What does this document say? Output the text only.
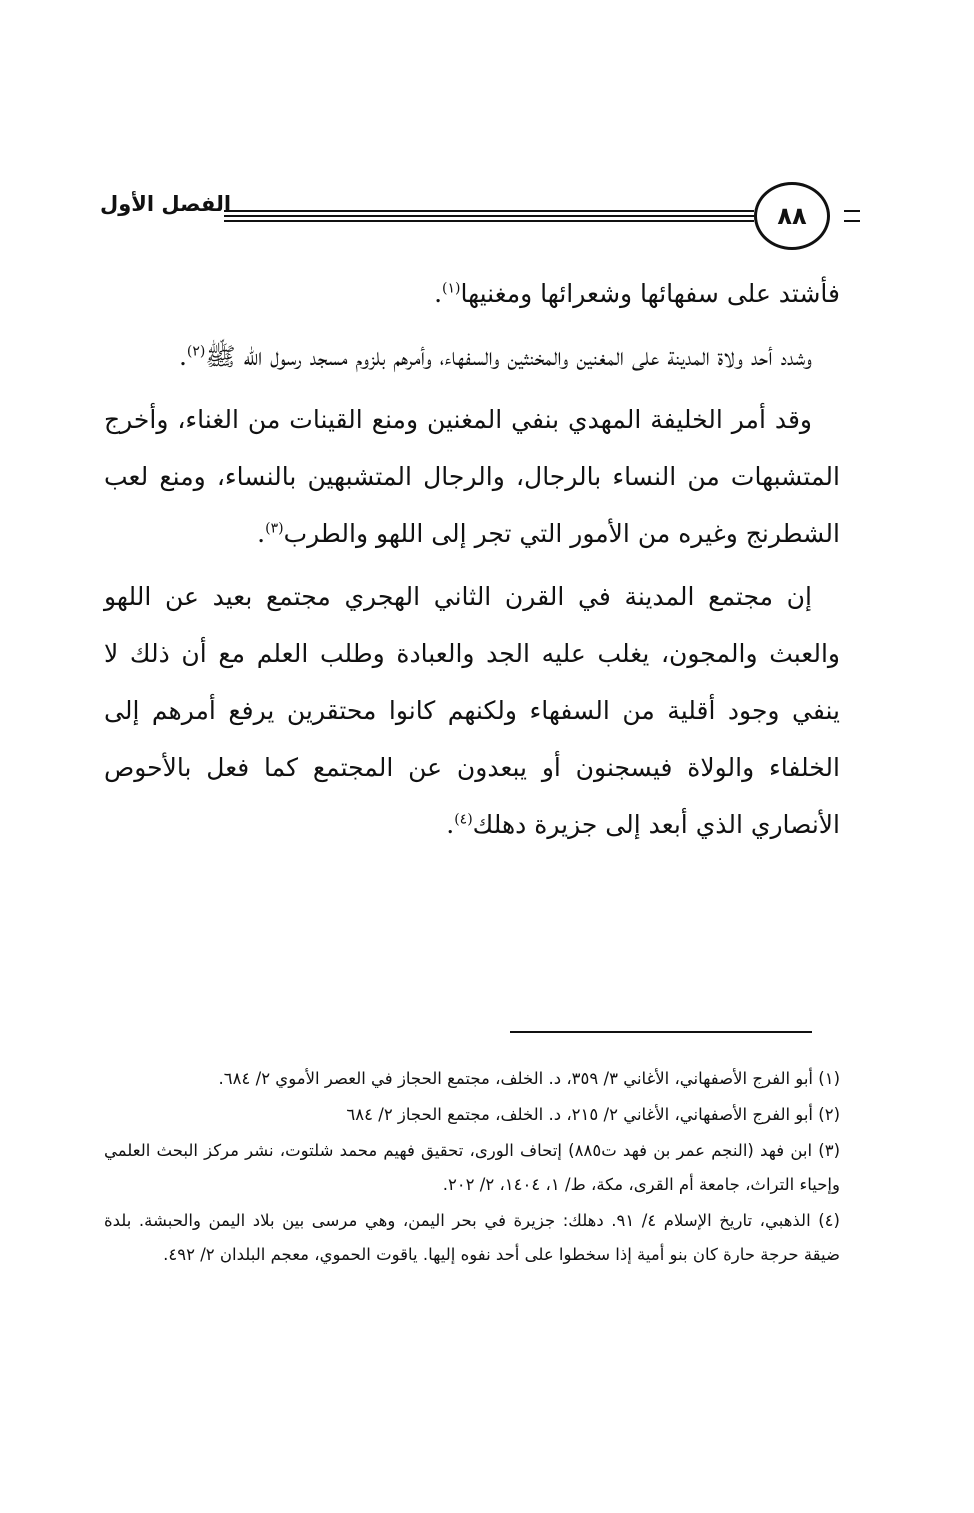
الفصل الأول	٨٨

فأشتد على سفهائها وشعرائها ومغنيها$^{(١)}$.

وشدد أحد ولاة المدينة على المغنين والمخنثين والسفهاء، وأمرهم بلزوم مسجد رسول الله ﷺ$^{(٢)}$.

وقد أمر الخليفة المهدي بنفي المغنين ومنع القينات من الغناء، وأخرج المتشبهات من النساء بالرجال، والرجال المتشبهين بالنساء، ومنع لعب الشطرنج وغيره من الأمور التي تجر إلى اللهو والطرب$^{(٣)}$.

إن مجتمع المدينة في القرن الثاني الهجري مجتمع بعيد عن اللهو والعبث والمجون، يغلب عليه الجد والعبادة وطلب العلم مع أن ذلك لا ينفي وجود أقلية من السفهاء ولكنهم كانوا محتقرين يرفع أمرهم إلى الخلفاء والولاة فيسجنون أو يبعدون عن المجتمع كما فعل بالأحوص الأنصاري الذي أبعد إلى جزيرة دهلك$^{(٤)}$.

(١) أبو الفرج الأصفهاني، الأغاني ٣/ ٣٥٩، د. الخلف، مجتمع الحجاز في العصر الأموي ٢/ ٦٨٤.

(٢) أبو الفرج الأصفهاني، الأغاني ٢/ ٢١٥، د. الخلف، مجتمع الحجاز ٢/ ٦٨٤

(٣) ابن فهد (النجم عمر بن فهد ت٨٨٥) إتحاف الورى، تحقيق فهيم محمد شلتوت، نشر مركز البحث العلمي وإحياء التراث، جامعة أم القرى، مكة، ط/ ١، ١٤٠٤، ٢/ ٢٠٢.

(٤) الذهبي، تاريخ الإسلام ٤/ ٩١. دهلك: جزيرة في بحر اليمن، وهي مرسى بين بلاد اليمن والحبشة. بلدة ضيقة حرجة حارة كان بنو أمية إذا سخطوا على أحد نفوه إليها. ياقوت الحموي، معجم البلدان ٢/ ٤٩٢.
